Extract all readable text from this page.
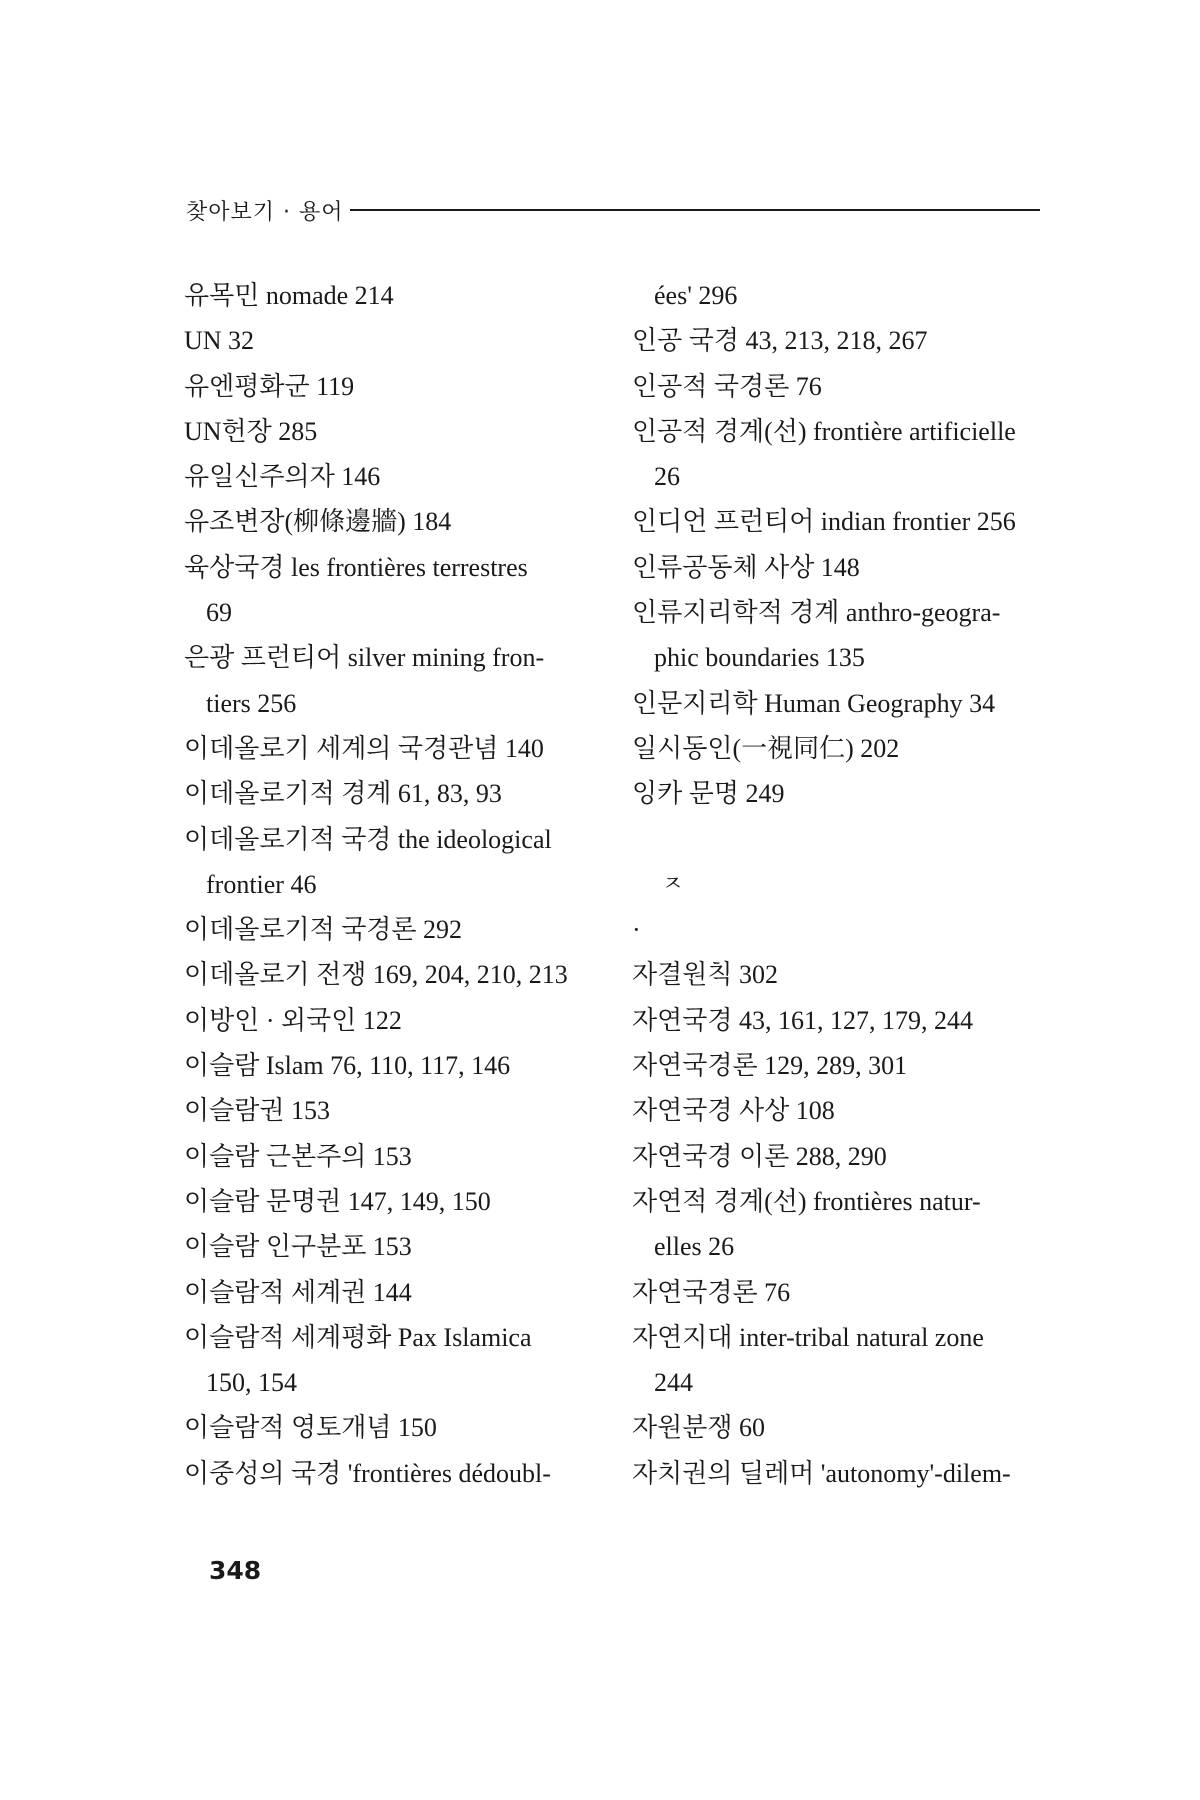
찾아보기 · 용어
유목민 nomade 214
UN 32
유엔평화군 119
UN헌장 285
유일신주의자 146
유조변장(柳條邊牆) 184
육상국경 les frontières terrestres
69
은광 프런티어 silver mining fron-
tiers 256
이데올로기 세계의 국경관념 140
이데올로기적 경계 61, 83, 93
이데올로기적 국경 the ideological
frontier 46
이데올로기적 국경론 292
이데올로기 전쟁 169, 204, 210, 213
이방인 · 외국인 122
이슬람 Islam 76, 110, 117, 146
이슬람권 153
이슬람 근본주의 153
이슬람 문명권 147, 149, 150
이슬람 인구분포 153
이슬람적 세계권 144
이슬람적 세계평화 Pax Islamica
150, 154
이슬람적 영토개념 150
이중성의 국경 'frontières dédoubl-
ées' 296
인공 국경 43, 213, 218, 267
인공적 국경론 76
인공적 경계(선) frontière artificielle
26
인디언 프런티어 indian frontier 256
인류공동체 사상 148
인류지리학적 경계 anthro-geogra-
phic boundaries 135
인문지리학 Human Geography 34
일시동인(一視同仁) 202
잉카 문명 249
ㅈ
·
자결원칙 302
자연국경 43, 161, 127, 179, 244
자연국경론 129, 289, 301
자연국경 사상 108
자연국경 이론 288, 290
자연적 경계(선) frontières natur-
elles 26
자연국경론 76
자연지대 inter-tribal natural zone
244
자원분쟁 60
자치권의 딜레머 'autonomy'-dilem-
348
